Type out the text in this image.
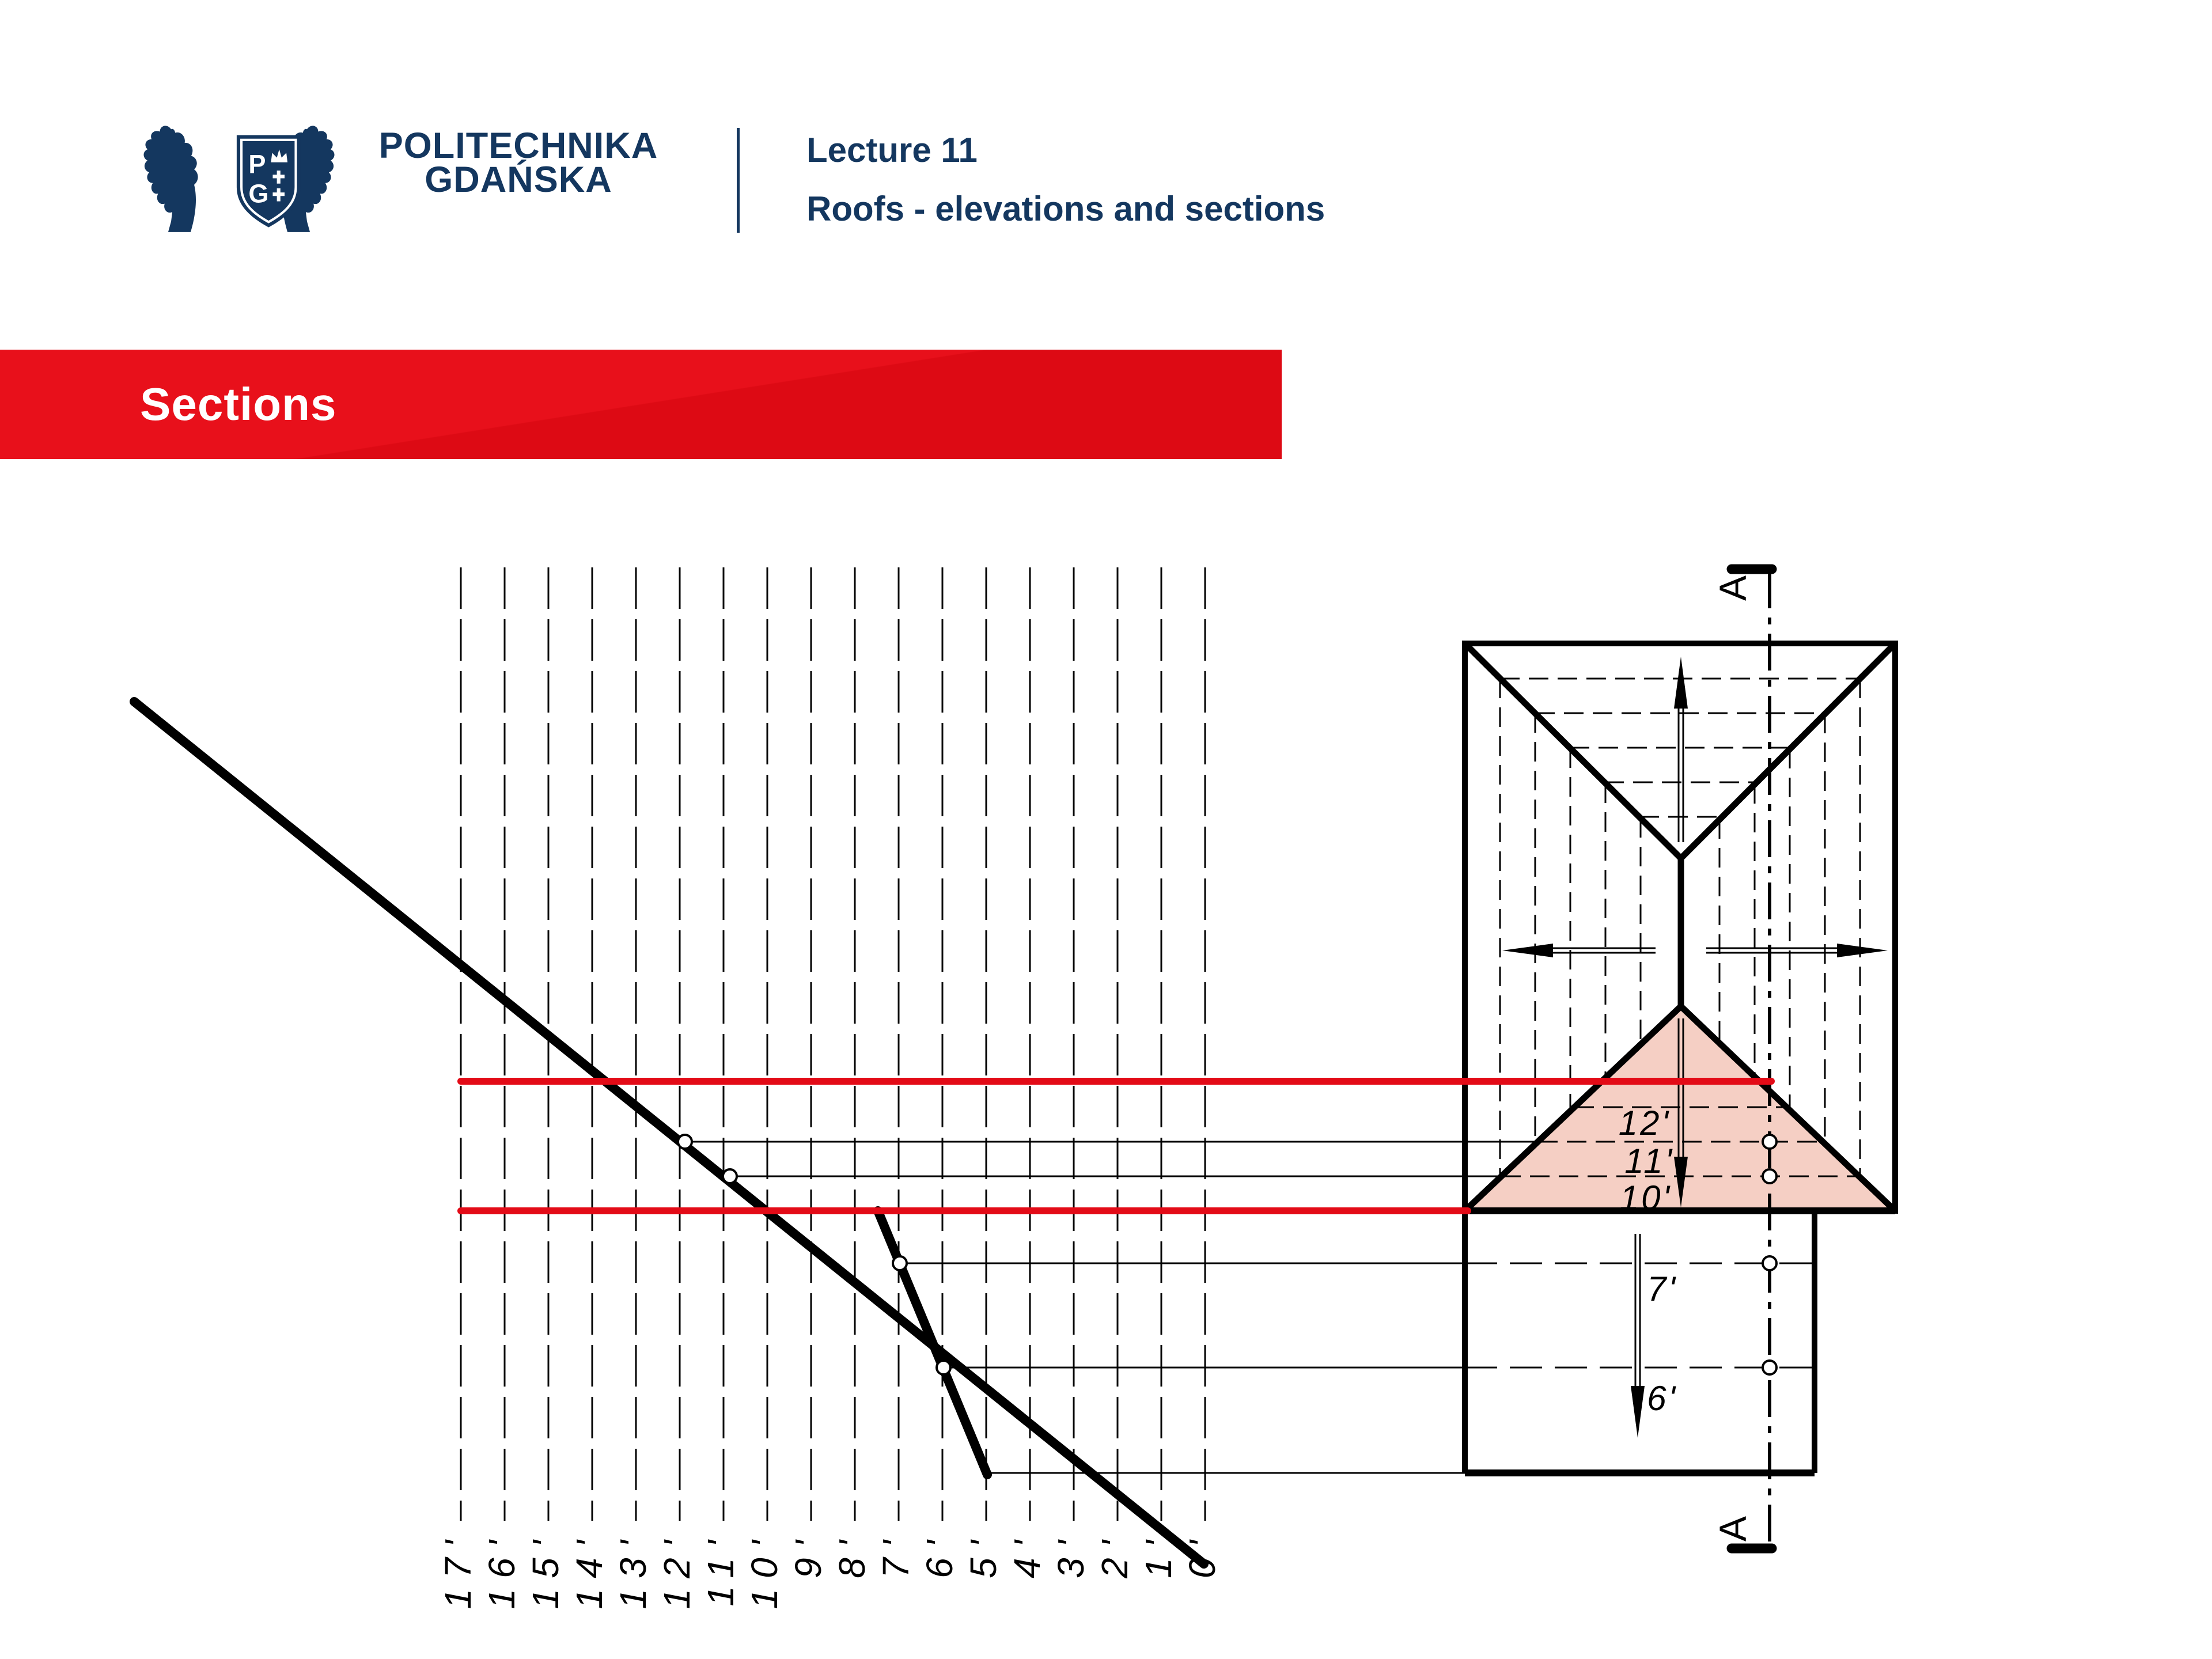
P
G
POLITECHNIKA
GDAŃSKA
Lecture 11
Roofs - elevations and sections
Sections
17' 16' 15' 14' 13' 12' 11' 10' 9' 8' 7' 6' 5' 4' 3' 2' 1' 0'
A
A
12'
11'
10'
7'
6'
